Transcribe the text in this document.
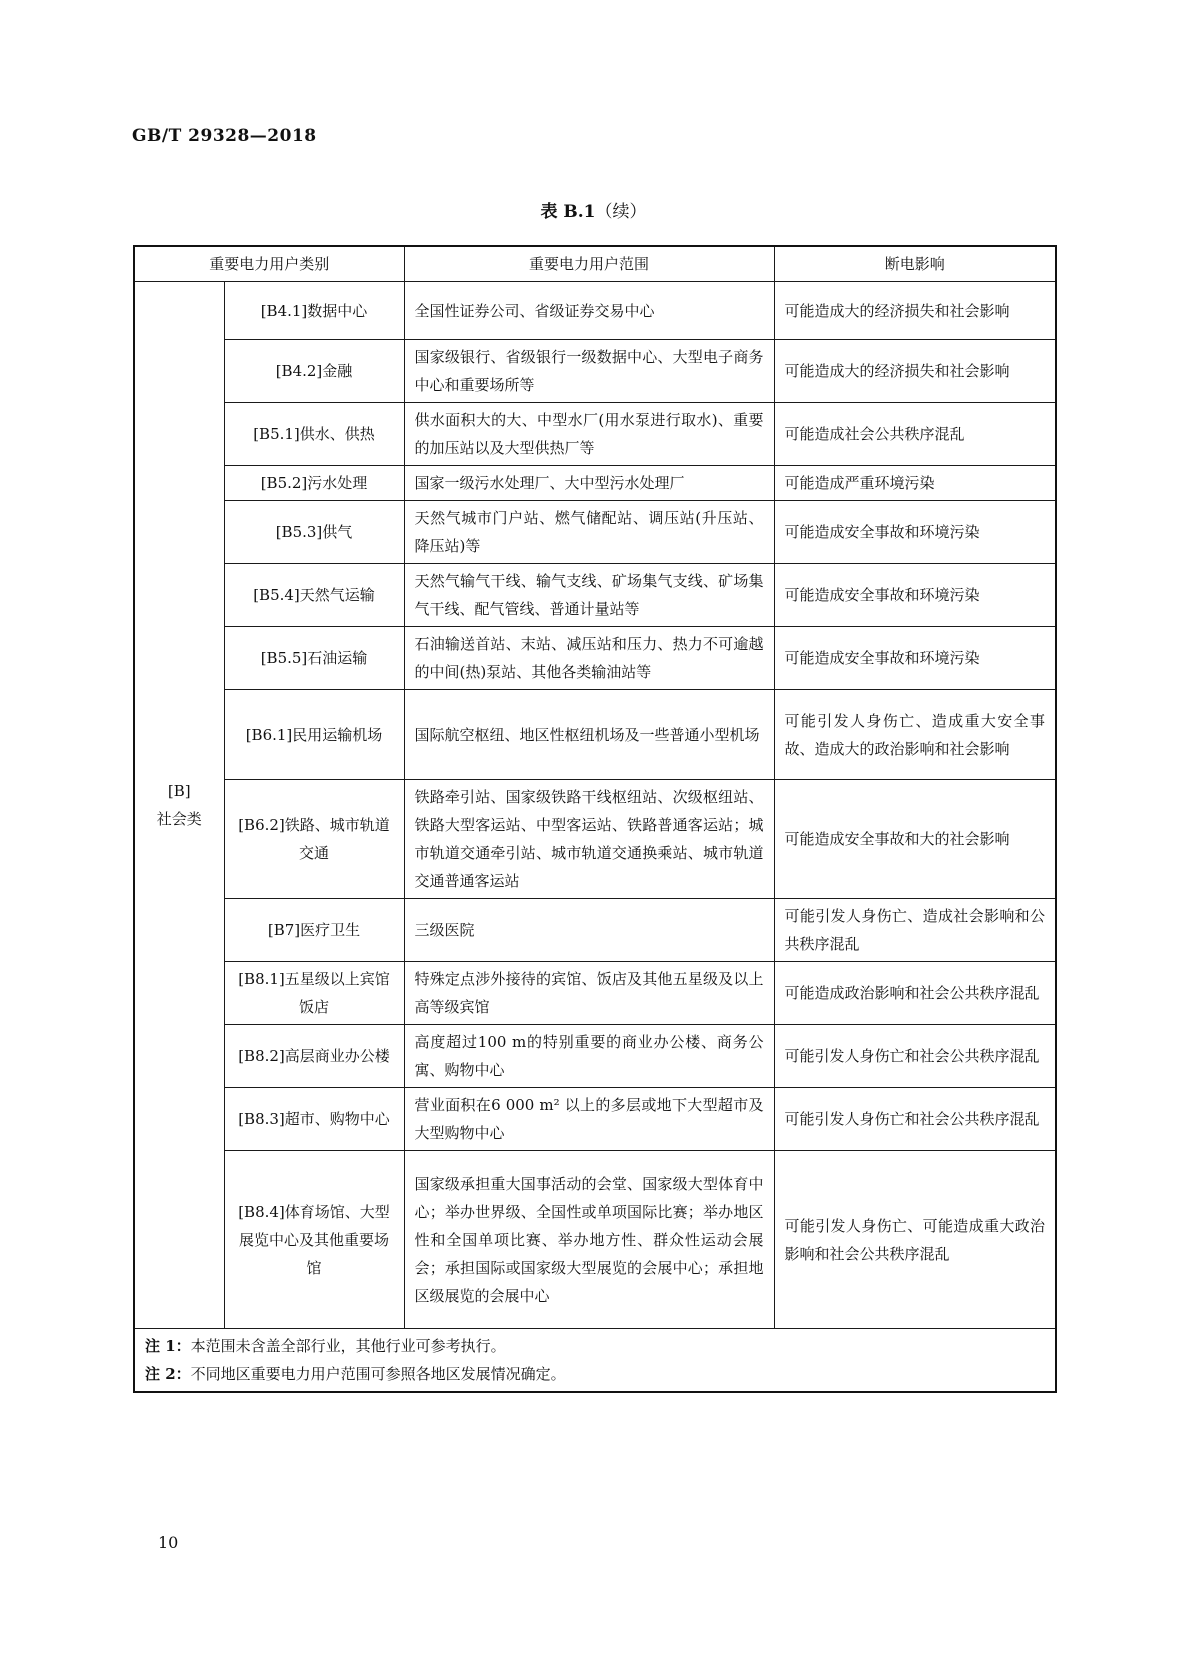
GB/T 29328—2018
表 B.1（续）
重要电力用户类别		重要电力用户范围	断电影响

[B]
社会类	[B4.1]数据中心	全国性证券公司、省级证券交易中心	可能造成大的经济损失和社会影响
	[B4.2]金融	国家级银行、省级银行一级数据中心、大型电子商务中心和重要场所等	可能造成大的经济损失和社会影响
	[B5.1]供水、供热	供水面积大的大、中型水厂(用水泵进行取水)、重要的加压站以及大型供热厂等	可能造成社会公共秩序混乱
	[B5.2]污水处理	国家一级污水处理厂、大中型污水处理厂	可能造成严重环境污染
	[B5.3]供气	天然气城市门户站、燃气储配站、调压站(升压站、降压站)等	可能造成安全事故和环境污染
	[B5.4]天然气运输	天然气输气干线、输气支线、矿场集气支线、矿场集气干线、配气管线、普通计量站等	可能造成安全事故和环境污染
	[B5.5]石油运输	石油输送首站、末站、减压站和压力、热力不可逾越的中间(热)泵站、其他各类输油站等	可能造成安全事故和环境污染
	[B6.1]民用运输机场	国际航空枢纽、地区性枢纽机场及一些普通小型机场	可能引发人身伤亡、造成重大安全事故、造成大的政治影响和社会影响
	[B6.2]铁路、城市轨道交通	铁路牵引站、国家级铁路干线枢纽站、次级枢纽站、铁路大型客运站、中型客运站、铁路普通客运站；城市轨道交通牵引站、城市轨道交通换乘站、城市轨道交通普通客运站	可能造成安全事故和大的社会影响
	[B7]医疗卫生	三级医院	可能引发人身伤亡、造成社会影响和公共秩序混乱
	[B8.1]五星级以上宾馆饭店	特殊定点涉外接待的宾馆、饭店及其他五星级及以上高等级宾馆	可能造成政治影响和社会公共秩序混乱
	[B8.2]高层商业办公楼	高度超过100 m的特别重要的商业办公楼、商务公寓、购物中心	可能引发人身伤亡和社会公共秩序混乱
	[B8.3]超市、购物中心	营业面积在6 000 m² 以上的多层或地下大型超市及大型购物中心	可能引发人身伤亡和社会公共秩序混乱
	[B8.4]体育场馆、大型展览中心及其他重要场馆	国家级承担重大国事活动的会堂、国家级大型体育中心；举办世界级、全国性或单项国际比赛；举办地区性和全国单项比赛、举办地方性、群众性运动会展会；承担国际或国家级大型展览的会展中心；承担地区级展览的会展中心	可能引发人身伤亡、可能造成重大政治影响和社会公共秩序混乱

注 1：本范围未含盖全部行业，其他行业可参考执行。
注 2：不同地区重要电力用户范围可参照各地区发展情况确定。			
10
